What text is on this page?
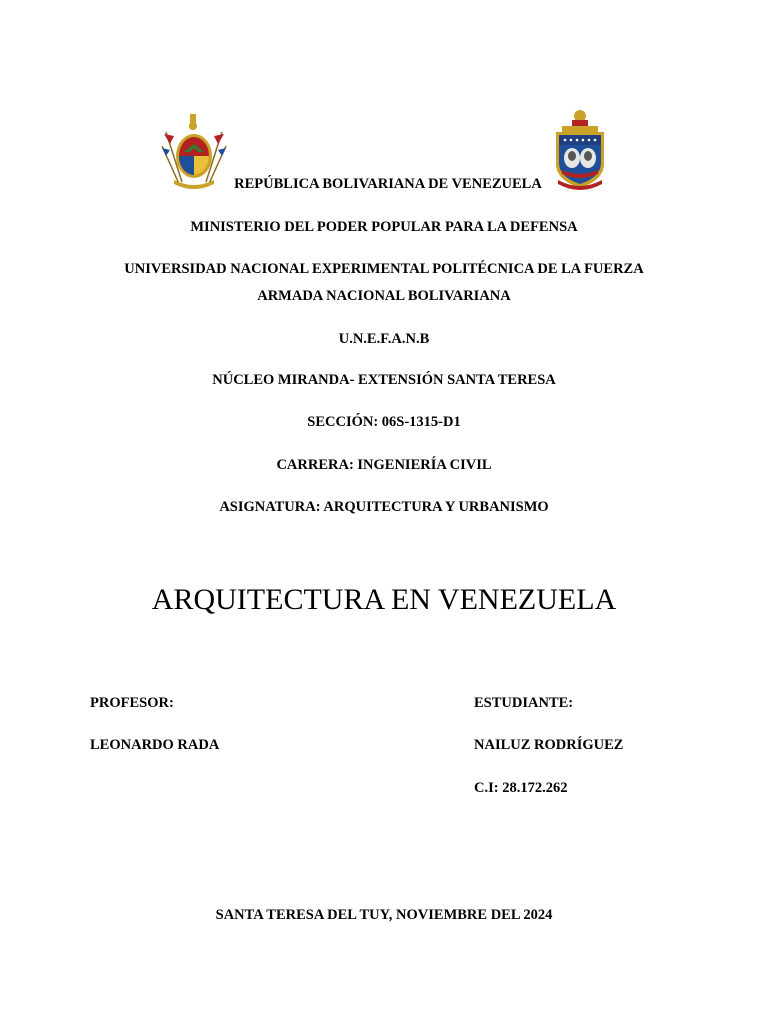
REPÚBLICA BOLIVARIANA DE VENEZUELA
MINISTERIO DEL PODER POPULAR PARA LA DEFENSA
UNIVERSIDAD NACIONAL EXPERIMENTAL POLITÉCNICA DE LA FUERZA
ARMADA NACIONAL BOLIVARIANA
U.N.E.F.A.N.B
NÚCLEO MIRANDA- EXTENSIÓN SANTA TERESA
SECCIÓN: 06S-1315-D1
CARRERA: INGENIERÍA CIVIL
ASIGNATURA: ARQUITECTURA Y URBANISMO
ARQUITECTURA EN VENEZUELA
PROFESOR:
LEONARDO RADA
ESTUDIANTE:
NAILUZ RODRÍGUEZ
C.I: 28.172.262
SANTA TERESA DEL TUY, NOVIEMBRE DEL 2024
